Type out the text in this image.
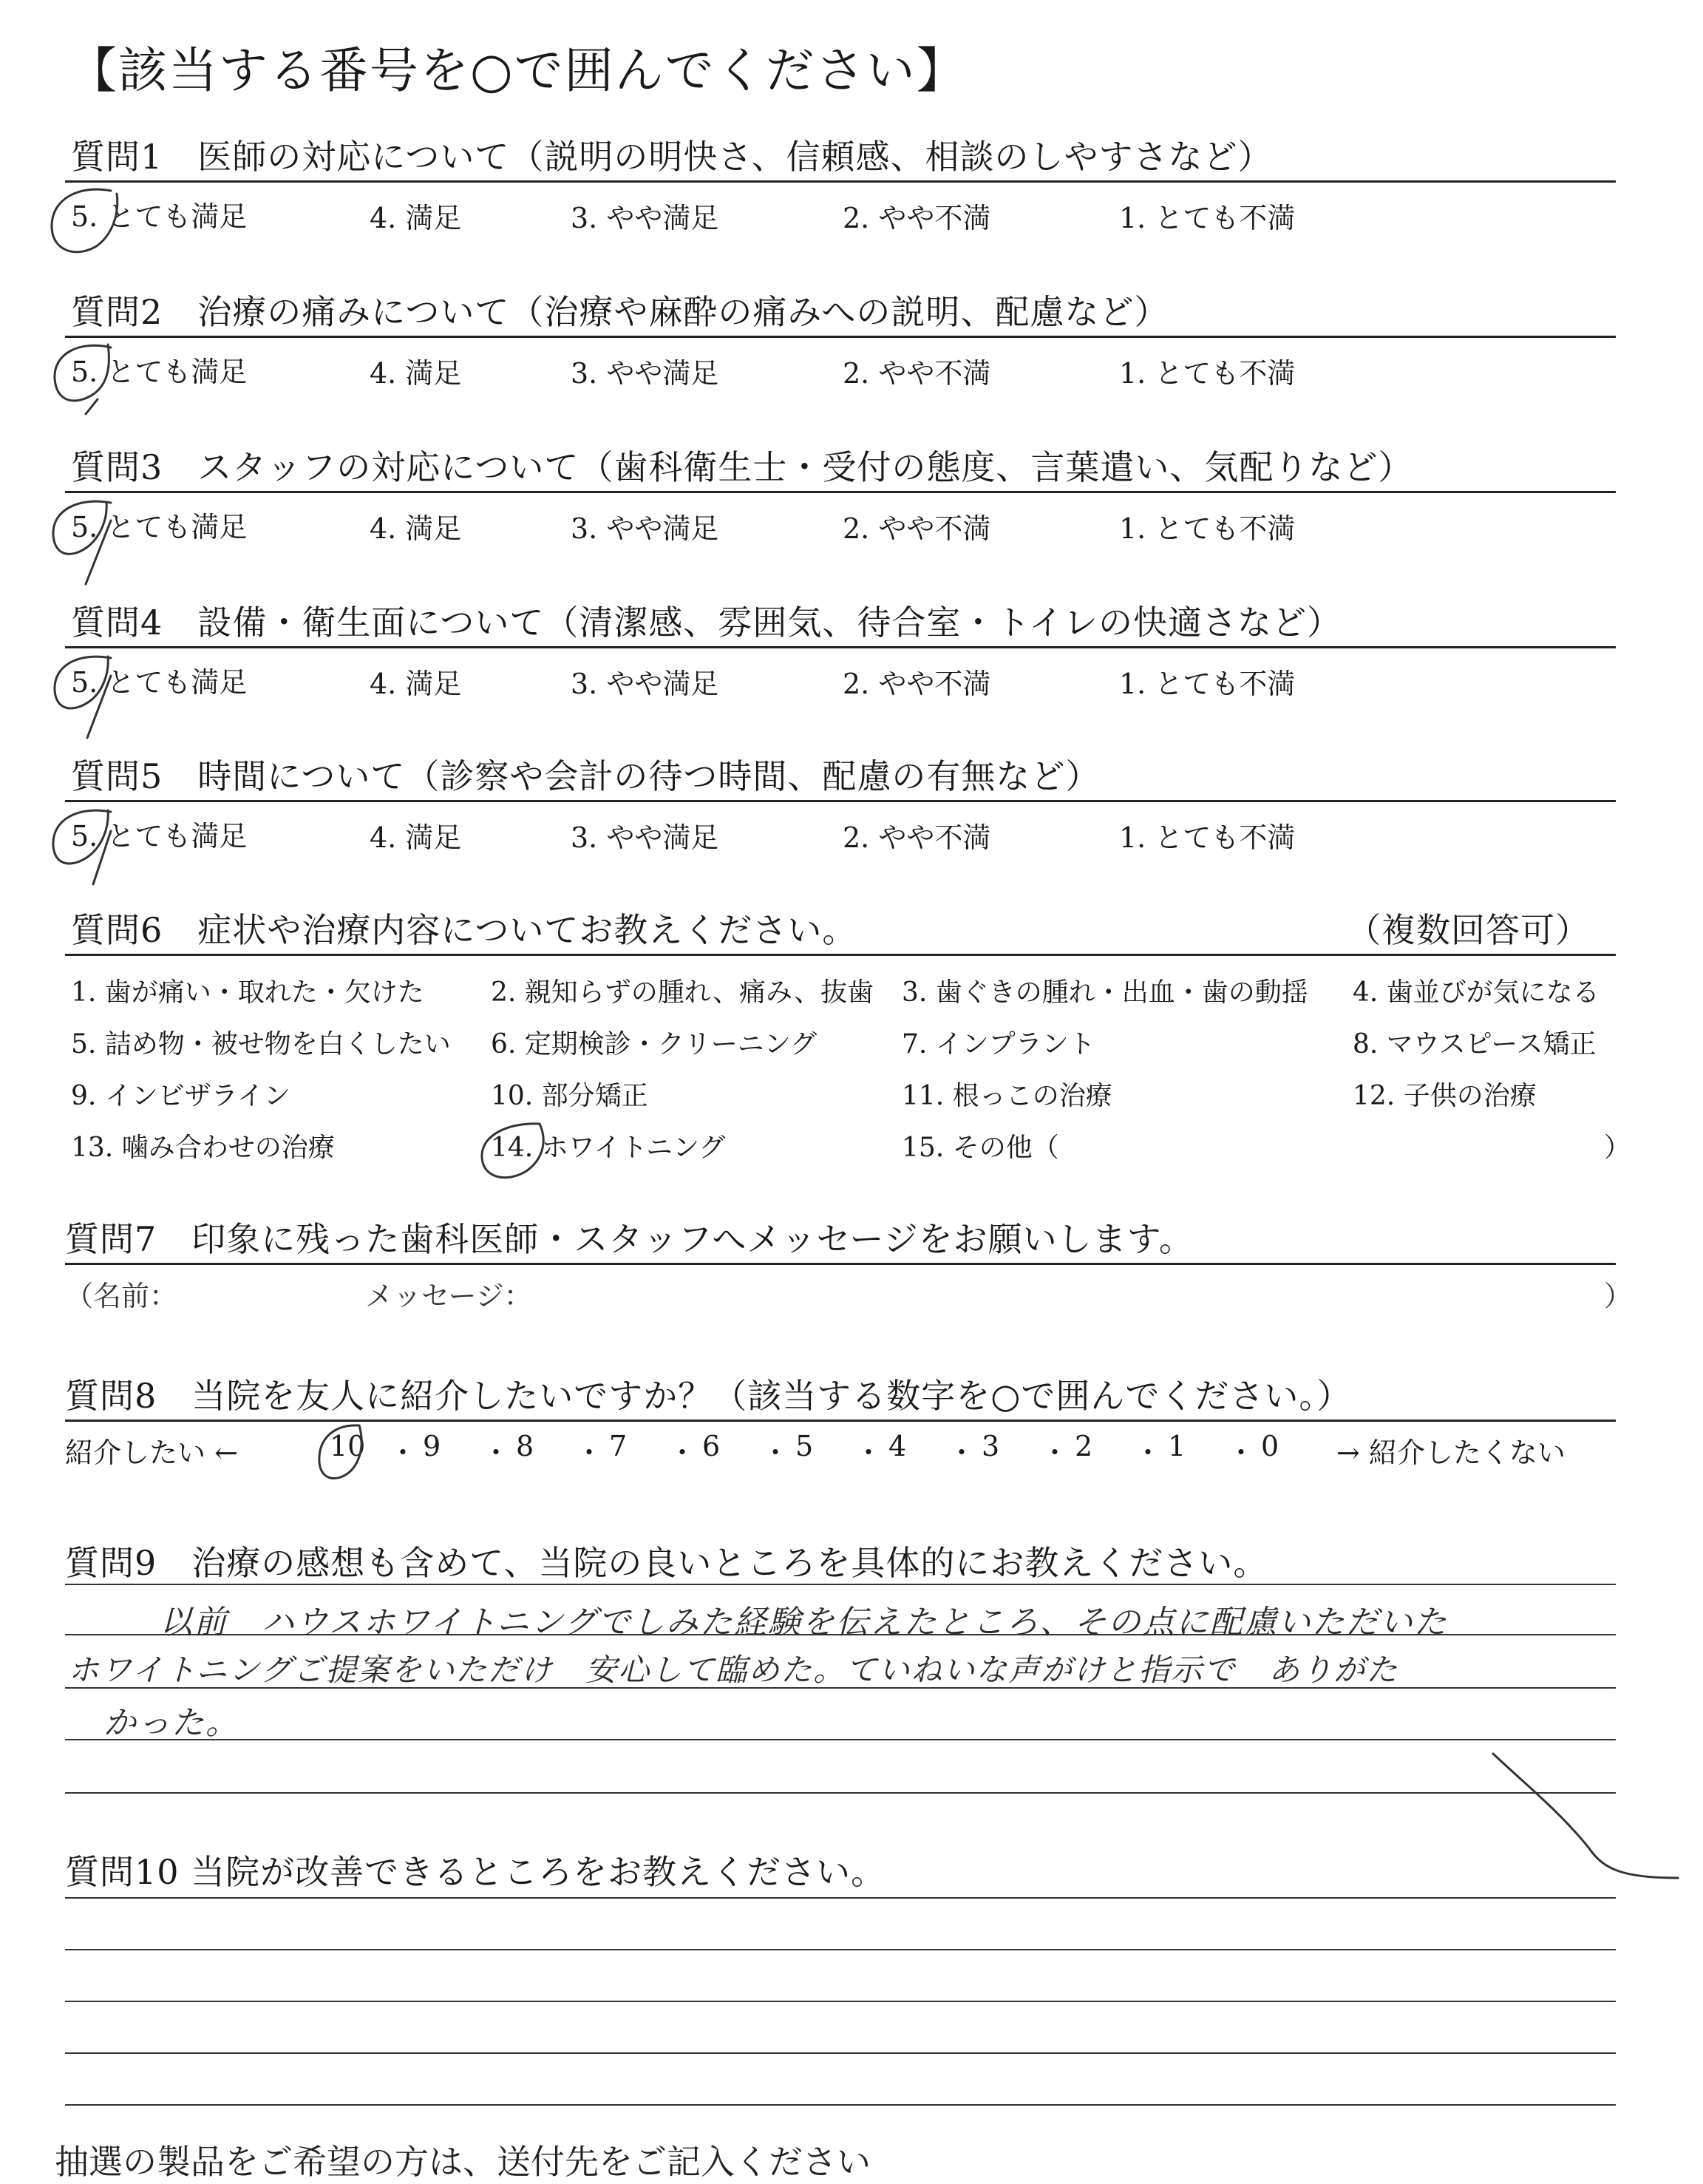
【該当する番号を○で囲んでください】
質問1　医師の対応について（説明の明快さ、信頼感、相談のしやすさなど）
5. とても満足	4. 満足	3. やや満足	2. やや不満	1. とても不満
質問2　治療の痛みについて（治療や麻酔の痛みへの説明、配慮など）
5. とても満足	4. 満足	3. やや満足	2. やや不満	1. とても不満
質問3　スタッフの対応について（歯科衛生士・受付の態度、言葉遣い、気配りなど）
5. とても満足	4. 満足	3. やや満足	2. やや不満	1. とても不満
質問4　設備・衛生面について（清潔感、雰囲気、待合室・トイレの快適さなど）
5. とても満足	4. 満足	3. やや満足	2. やや不満	1. とても不満
質問5　時間について（診察や会計の待つ時間、配慮の有無など）
5. とても満足	4. 満足	3. やや満足	2. やや不満	1. とても不満
質問6　症状や治療内容についてお教えください。	（複数回答可）
1. 歯が痛い・取れた・欠けた	2. 親知らずの腫れ、痛み、抜歯 3. 歯ぐきの腫れ・出血・歯の動揺 4. 歯並びが気になる
5. 詰め物・被せ物を白くしたい 6. 定期検診・クリーニング	7. インプラント	8. マウスピース矯正
9. インビザライン	10. 部分矯正	11. 根っこの治療	12. 子供の治療
13. 噛み合わせの治療	14. ホワイトニング	15. その他（	）
質問7　印象に残った歯科医師・スタッフへメッセージをお願いします。
（名前：	メッセージ：	）
質問8　当院を友人に紹介したいですか？（該当する数字を○で囲んでください。）
紹介したい ←	10 ・ 9 ・ 8 ・ 7 ・ 6 ・ 5 ・ 4 ・ 3 ・ 2 ・ 1 ・ 0 → 紹介したくない
質問9　治療の感想も含めて、当院の良いところを具体的にお教えください。
以前　ハウスホワイトニングでしみた経験を伝えたところ、その点に配慮いただいた
ホワイトニングご提案をいただけ　安心して臨めた。ていねいな声がけと指示で　ありがた
かった。
質問10 当院が改善できるところをお教えください。
抽選の製品をご希望の方は、送付先をご記入ください
